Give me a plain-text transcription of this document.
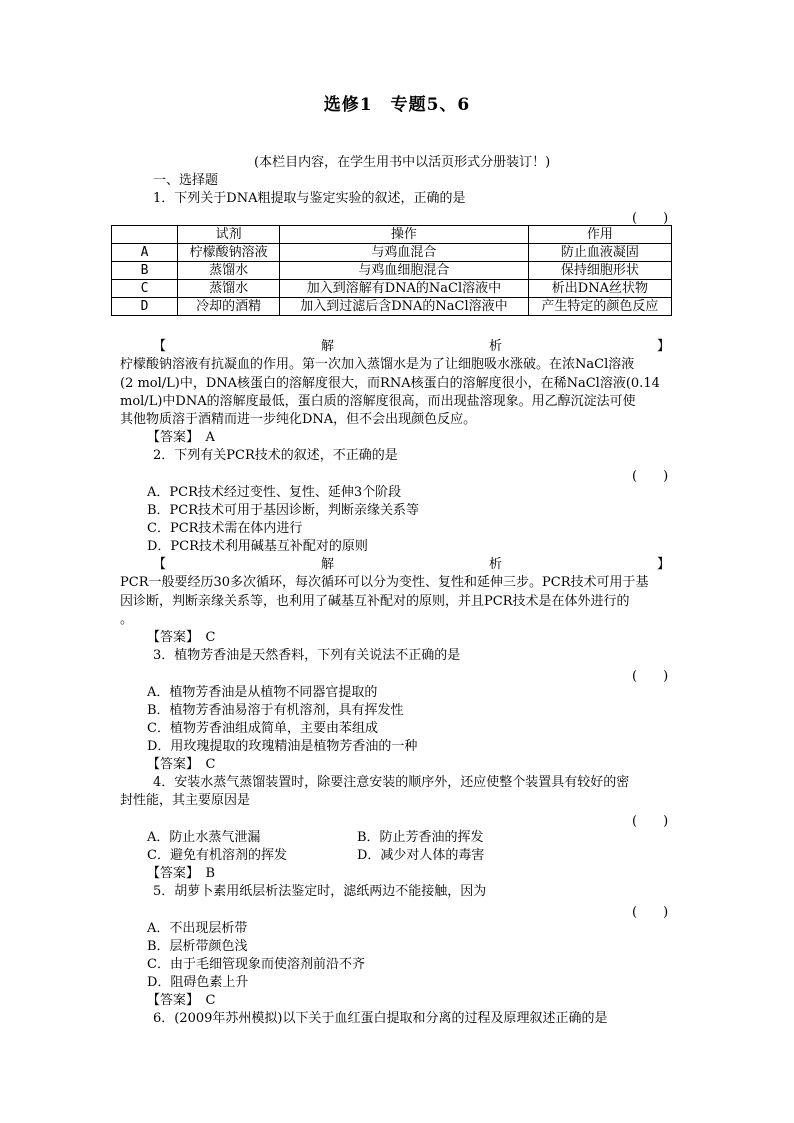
选修1　专题5、6
(本栏目内容，在学生用书中以活页形式分册装订！)
一、选择题
1．下列关于DNA粗提取与鉴定实验的叙述，正确的是
(　　)
	试剂	操作	作用
A	柠檬酸钠溶液	与鸡血混合	防止血液凝固
B	蒸馏水	与鸡血细胞混合	保持细胞形状
C	蒸馏水	加入到溶解有DNA的NaCl溶液中	析出DNA丝状物
D	冷却的酒精	加入到过滤后含DNA的NaCl溶液中	产生特定的颜色反应
【	解	析	】
柠檬酸钠溶液有抗凝血的作用。第一次加入蒸馏水是为了让细胞吸水涨破。在浓NaCl溶液
(2 mol/L)中，DNA核蛋白的溶解度很大，而RNA核蛋白的溶解度很小，在稀NaCl溶液(0.14
mol/L)中DNA的溶解度最低，蛋白质的溶解度很高，而出现盐溶现象。用乙醇沉淀法可使
其他物质溶于酒精而进一步纯化DNA，但不会出现颜色反应。
【答案】　A
2．下列有关PCR技术的叙述，不正确的是
(　　)
A．PCR技术经过变性、复性、延伸3个阶段
B．PCR技术可用于基因诊断，判断亲缘关系等
C．PCR技术需在体内进行
D．PCR技术利用碱基互补配对的原则
【	解	析	】
PCR一般要经历30多次循环，每次循环可以分为变性、复性和延伸三步。PCR技术可用于基
因诊断，判断亲缘关系等，也利用了碱基互补配对的原则，并且PCR技术是在体外进行的
。
【答案】　C
3．植物芳香油是天然香料，下列有关说法不正确的是
(　　)
A．植物芳香油是从植物不同器官提取的
B．植物芳香油易溶于有机溶剂，具有挥发性
C．植物芳香油组成简单，主要由苯组成
D．用玫瑰提取的玫瑰精油是植物芳香油的一种
【答案】　C
4．安装水蒸气蒸馏装置时，除要注意安装的顺序外，还应使整个装置具有较好的密
封性能，其主要原因是
(　　)
A．防止水蒸气泄漏	B．防止芳香油的挥发
C．避免有机溶剂的挥发	D．减少对人体的毒害
【答案】　B
5．胡萝卜素用纸层析法鉴定时，滤纸两边不能接触，因为
(　　)
A．不出现层析带
B．层析带颜色浅
C．由于毛细管现象而使溶剂前沿不齐
D．阻碍色素上升
【答案】　C
6．(2009年苏州模拟)以下关于血红蛋白提取和分离的过程及原理叙述正确的是
